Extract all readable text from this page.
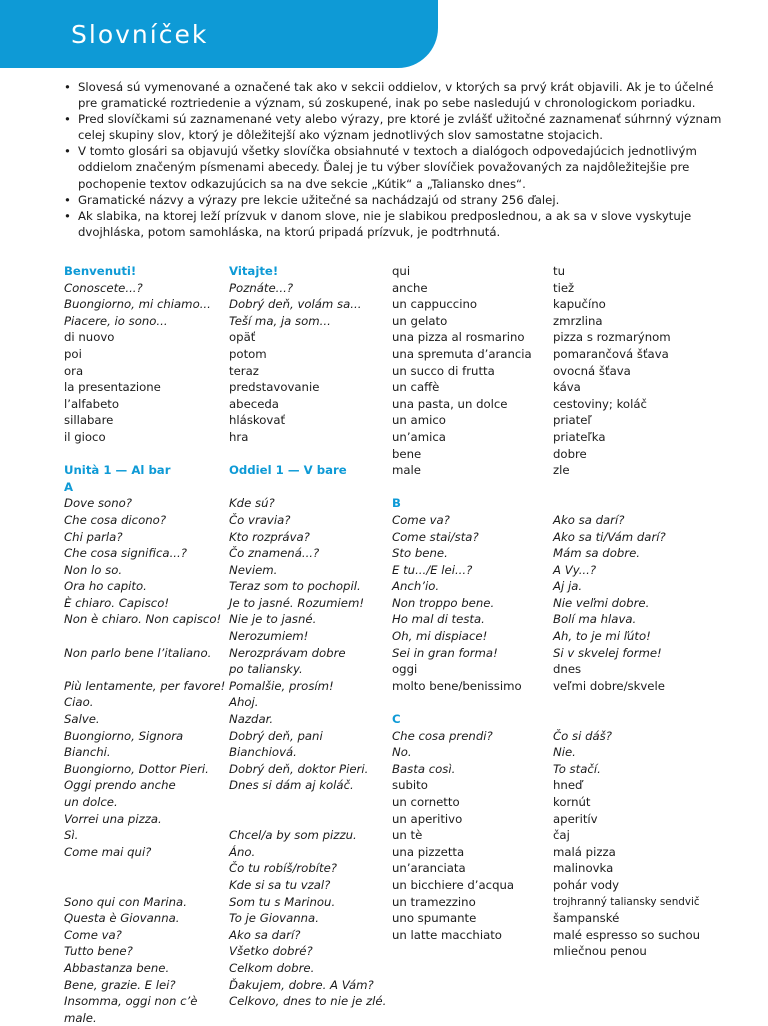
Slovníček
• Slovesá sú vymenované a označené tak ako v sekcii oddielov, v ktorých sa prvý krát objavili. Ak je to účelné pre gramatické roztriedenie a význam, sú zoskupené, inak po sebe nasledujú v chronologickom poriadku.
• Pred slovíčkami sú zaznamenané vety alebo výrazy, pre ktoré je zvlášť užitočné zaznamenať súhrnný význam celej skupiny slov, ktorý je dôležitejší ako význam jednotlivých slov samostatne stojacich.
• V tomto glosári sa objavujú všetky slovíčka obsiahnuté v textoch a dialógoch odpovedajúcich jednotlivým oddielom značeným písmenami abecedy. Ďalej je tu výber slovíčiek považovaných za najdôležitejšie pre pochopenie textov odkazujúcich sa na dve sekcie „Kútik“ a „Taliansko dnes“.
• Gramatické názvy a výrazy pre lekcie užitečné sa nachádzajú od strany 256 ďalej.
• Ak slabika, na ktorej leží prízvuk v danom slove, nie je slabikou predposlednou, a ak sa v slove vyskytuje dvojhláska, potom samohláska, na ktorú pripadá prízvuk, je podtrhnutá.
Benvenuti!
Conoscete...?
Buongiorno, mi chiamo...
Piacere, io sono...
di nuovo
poi
ora
la presentazione
l’alfabeto
sillabare
il gioco
Unità 1 — Al bar
A
Dove sono?
Che cosa dicono?
Chi parla?
Che cosa significa...?
Non lo so.
Ora ho capito.
È chiaro. Capisco!
Non è chiaro. Non capisco!
Non parlo bene l’italiano.
Più lentamente, per favore!
Ciao.
Salve.
Buongiorno, Signora
Bianchi.
Buongiorno, Dottor Pieri.
Oggi prendo anche
un dolce.
Vorrei una pizza.
Sì.
Come mai qui?
Sono qui con Marina.
Questa è Giovanna.
Come va?
Tutto bene?
Abbastanza bene.
Bene, grazie. E lei?
Insomma, oggi non c’è
male.
Vitajte!
Poznáte...?
Dobrý deň, volám sa...
Teší ma, ja som...
opäť
potom
teraz
predstavovanie
abeceda
hláskovať
hra
Oddiel 1 — V bare
Kde sú?
Čo vravia?
Kto rozpráva?
Čo znamená...?
Neviem.
Teraz som to pochopil.
Je to jasné. Rozumiem!
Nie je to jasné.
Nerozumiem!
Nerozprávam dobre
po taliansky.
Pomalšie, prosím!
Ahoj.
Nazdar.
Dobrý deň, pani
Bianchiová.
Dobrý deň, doktor Pieri.
Dnes si dám aj koláč.
Chcel/a by som pizzu.
Áno.
Čo tu robíš/robíte?
Kde si sa tu vzal?
Som tu s Marinou.
To je Giovanna.
Ako sa darí?
Všetko dobré?
Celkom dobre.
Ďakujem, dobre. A Vám?
Celkovo, dnes to nie je zlé.
qui
anche
un cappuccino
un gelato
una pizza al rosmarino
una spremuta d’arancia
un succo di frutta
un caffè
una pasta, un dolce
un amico
un’amica
bene
male
B
Come va?
Come stai/sta?
Sto bene.
E tu.../E lei...?
Anch’io.
Non troppo bene.
Ho mal di testa.
Oh, mi dispiace!
Sei in gran forma!
oggi
molto bene/benissimo
C
Che cosa prendi?
No.
Basta così.
subito
un cornetto
un aperitivo
un tè
una pizzetta
un’aranciata
un bicchiere d’acqua
un tramezzino
uno spumante
un latte macchiato
tu
tiež
kapučíno
zmrzlina
pizza s rozmarýnom
pomarančová šťava
ovocná šťava
káva
cestoviny; koláč
priateľ
priateľka
dobre
zle
Ako sa darí?
Ako sa ti/Vám darí?
Mám sa dobre.
A Vy...?
Aj ja.
Nie veľmi dobre.
Bolí ma hlava.
Ah, to je mi ľúto!
Si v skvelej forme!
dnes
veľmi dobre/skvele
Čo si dáš?
Nie.
To stačí.
hneď
kornút
aperitív
čaj
malá pizza
malinovka
pohár vody
trojhranný taliansky sendvič
šampanské
malé espresso so suchou
mliečnou penou
